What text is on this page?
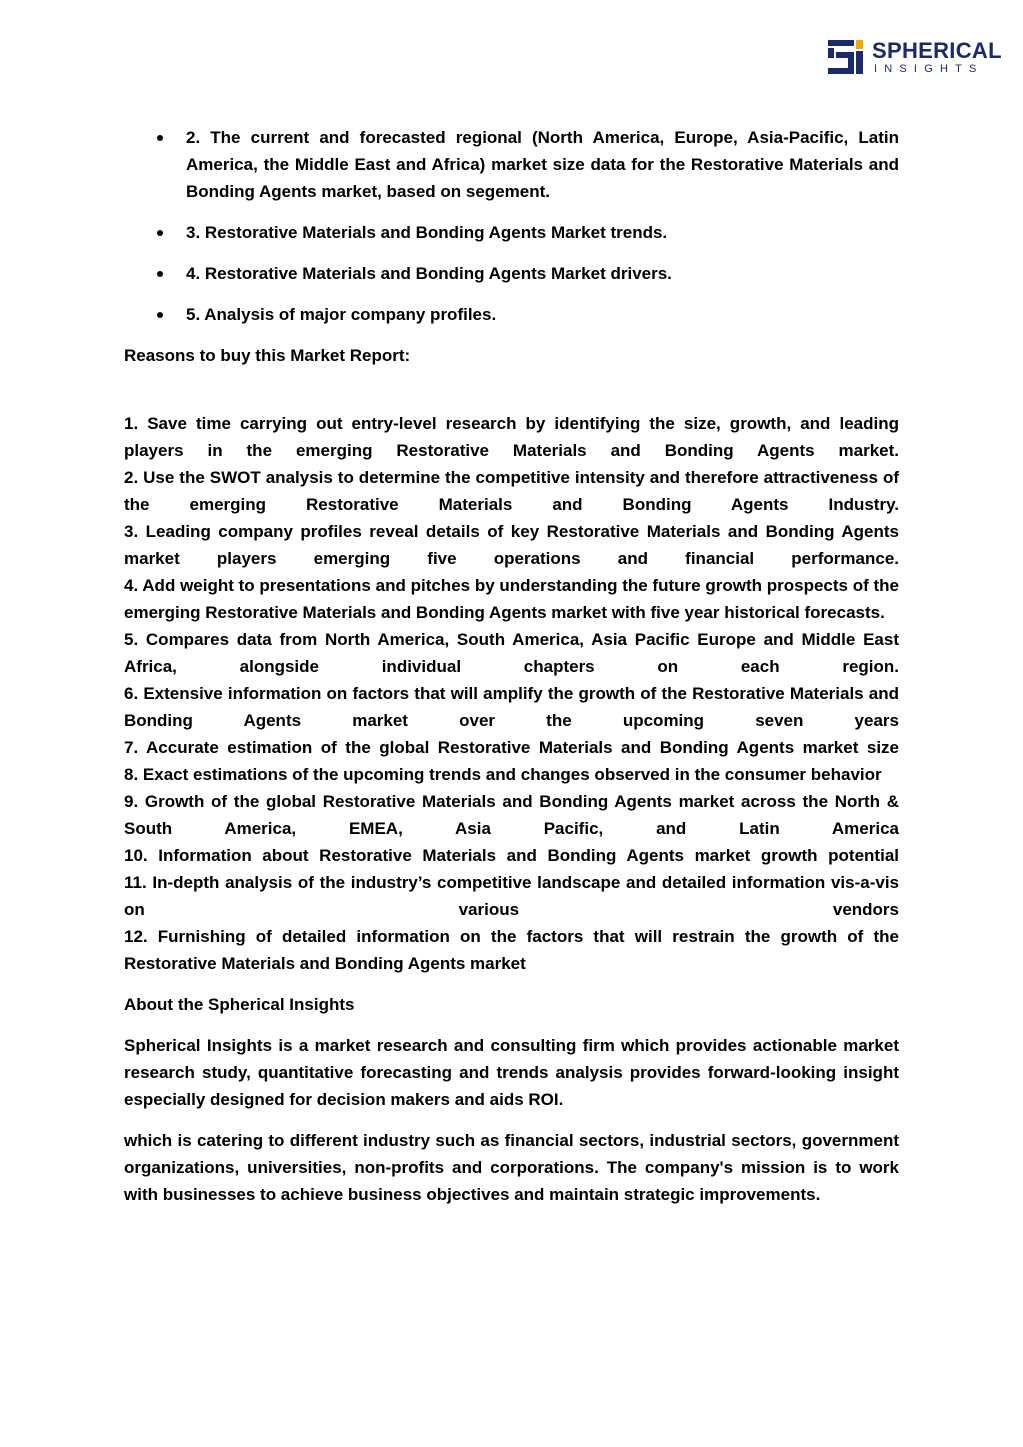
SPHERICAL
INSIGHTS
2. The current and forecasted regional (North America, Europe, Asia-Pacific, Latin America, the Middle East and Africa) market size data for the Restorative Materials and Bonding Agents market, based on segement.
3. Restorative Materials and Bonding Agents Market trends.
4. Restorative Materials and Bonding Agents Market drivers.
5. Analysis of major company profiles.
Reasons to buy this Market Report:
1. Save time carrying out entry-level research by identifying the size, growth, and leading players in the emerging Restorative Materials and Bonding Agents market.
2. Use the SWOT analysis to determine the competitive intensity and therefore attractiveness of the emerging Restorative Materials and Bonding Agents Industry.
3. Leading company profiles reveal details of key Restorative Materials and Bonding Agents market players emerging five operations and financial performance.
4. Add weight to presentations and pitches by understanding the future growth prospects of the emerging Restorative Materials and Bonding Agents market with five year historical forecasts.
5. Compares data from North America, South America, Asia Pacific Europe and Middle East Africa, alongside individual chapters on each region.
6. Extensive information on factors that will amplify the growth of the Restorative Materials and Bonding Agents market over the upcoming seven years
7. Accurate estimation of the global Restorative Materials and Bonding Agents market size
8. Exact estimations of the upcoming trends and changes observed in the consumer behavior
9. Growth of the global Restorative Materials and Bonding Agents market across the North & South America, EMEA, Asia Pacific, and Latin America
10. Information about Restorative Materials and Bonding Agents market growth potential
11. In-depth analysis of the industry’s competitive landscape and detailed information vis-a-vis on various vendors
12. Furnishing of detailed information on the factors that will restrain the growth of the Restorative Materials and Bonding Agents market

About the Spherical Insights

Spherical Insights is a market research and consulting firm which provides actionable market research study, quantitative forecasting and trends analysis provides forward-looking insight especially designed for decision makers and aids ROI.

which is catering to different industry such as financial sectors, industrial sectors, government organizations, universities, non-profits and corporations. The company's mission is to work with businesses to achieve business objectives and maintain strategic improvements.
